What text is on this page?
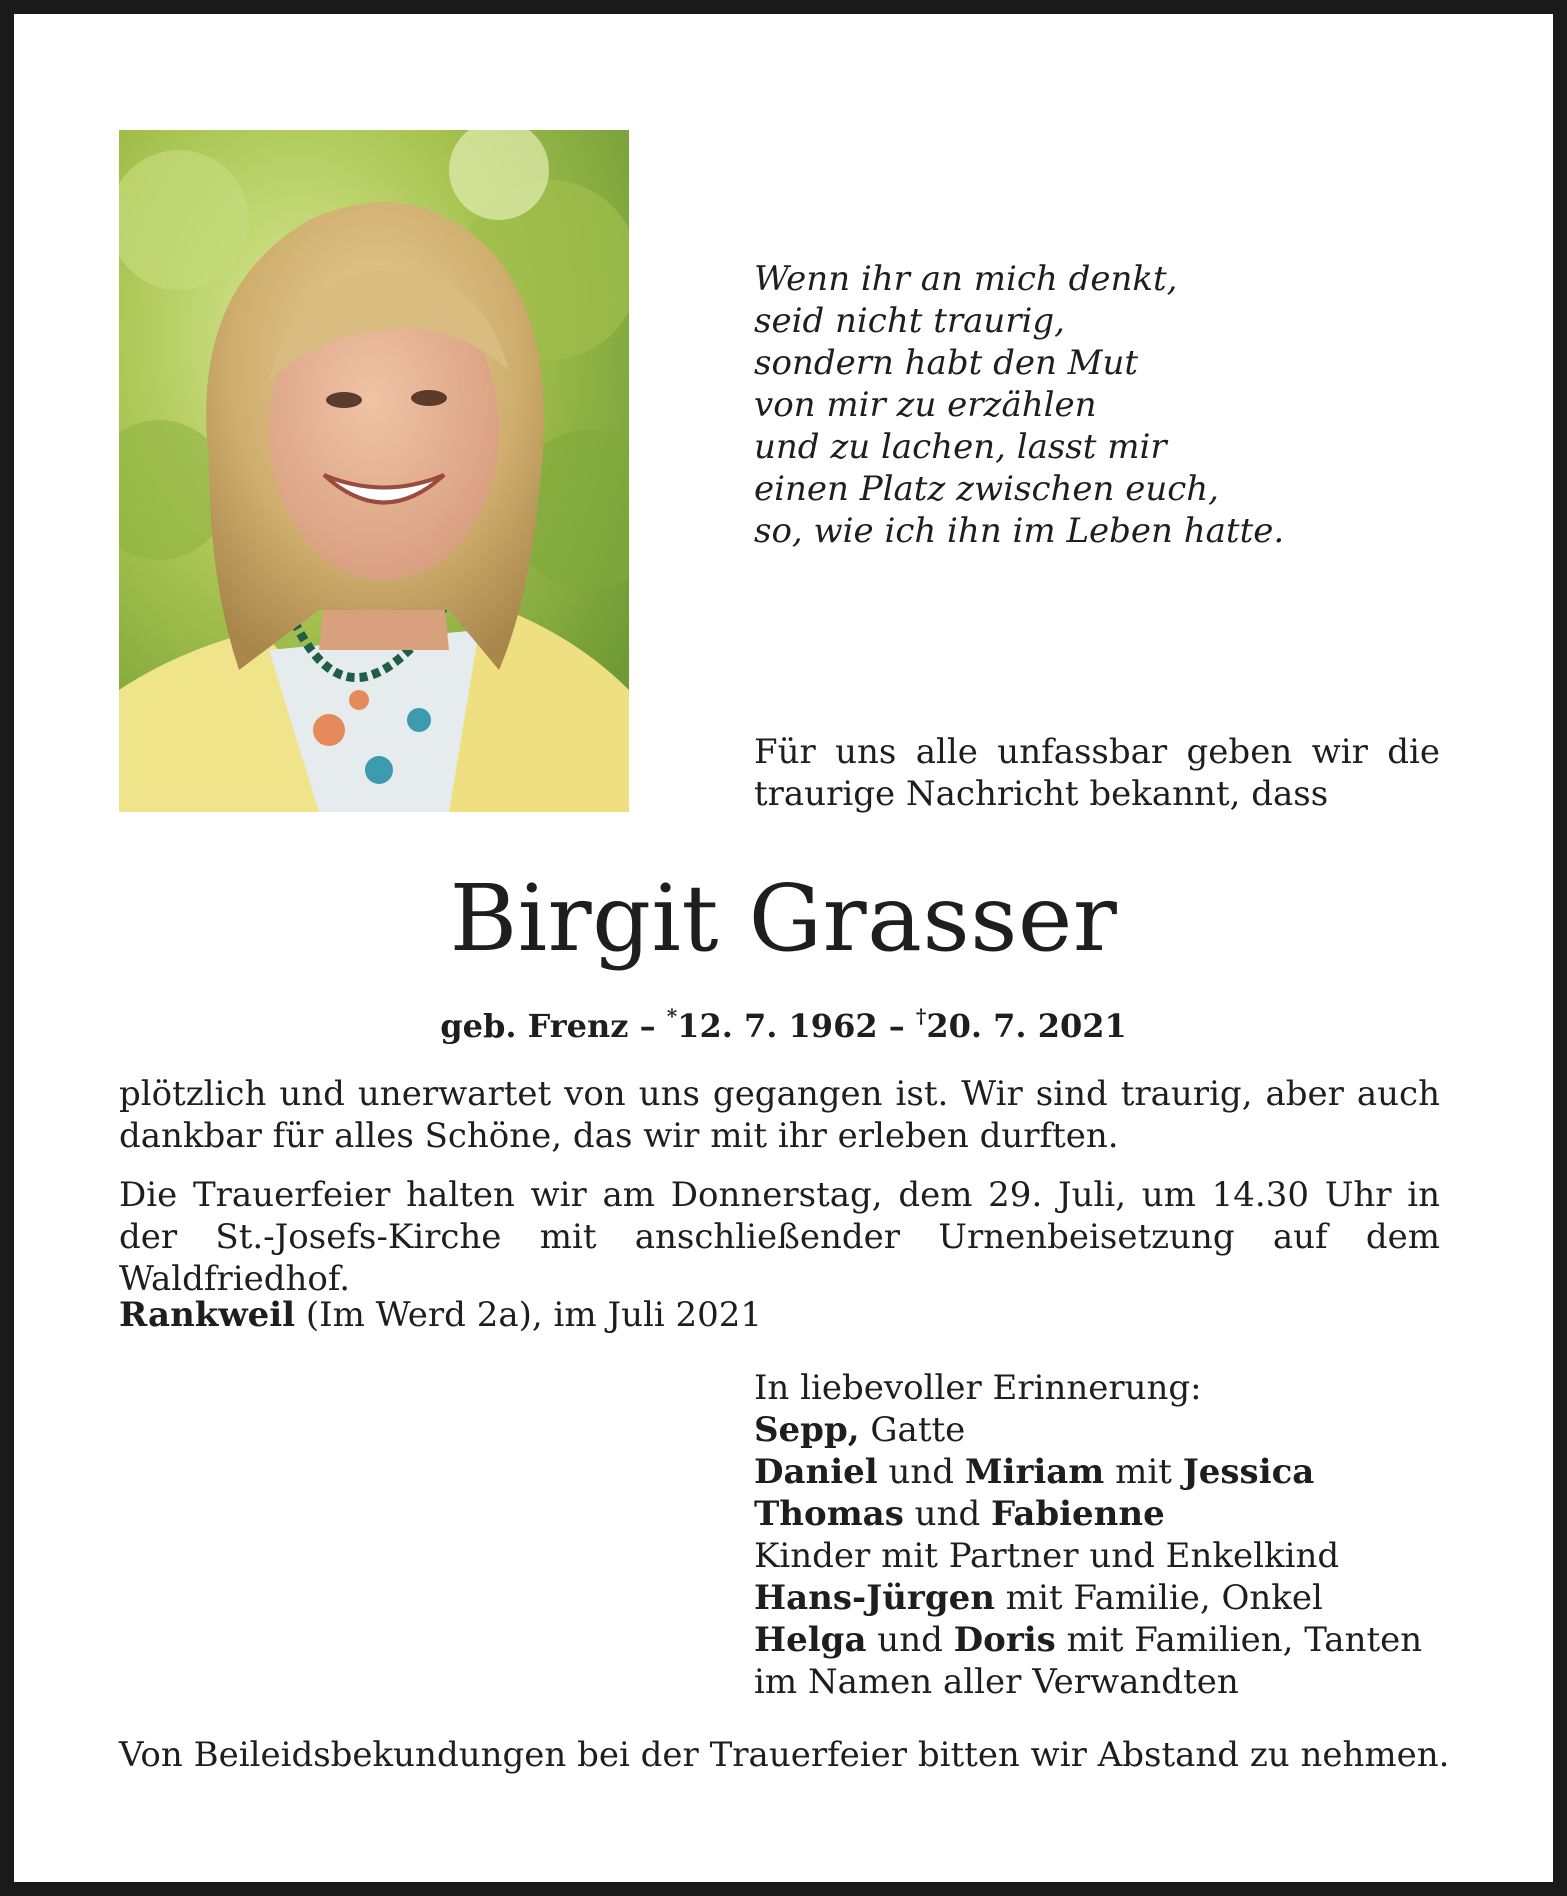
Wenn ihr an mich denkt,
seid nicht traurig,
sondern habt den Mut
von mir zu erzählen
und zu lachen, lasst mir
einen Platz zwischen euch,
so, wie ich ihn im Leben hatte.

Für uns alle unfassbar geben wir die traurige Nachricht bekannt, dass

Birgit Grasser

geb. Frenz – *12. 7. 1962 – †20. 7. 2021

plötzlich und unerwartet von uns gegangen ist. Wir sind traurig, aber auch dankbar für alles Schöne, das wir mit ihr erleben durften.

Die Trauerfeier halten wir am Donnerstag, dem 29. Juli, um 14.30 Uhr in der St.-Josefs-Kirche mit anschließender Urnenbeisetzung auf dem Waldfriedhof.

Rankweil (Im Werd 2a), im Juli 2021

In liebevoller Erinnerung:
Sepp, Gatte
Daniel und Miriam mit Jessica
Thomas und Fabienne
Kinder mit Partner und Enkelkind
Hans-Jürgen mit Familie, Onkel
Helga und Doris mit Familien, Tanten
im Namen aller Verwandten

Von Beileidsbekundungen bei der Trauerfeier bitten wir Abstand zu nehmen.
